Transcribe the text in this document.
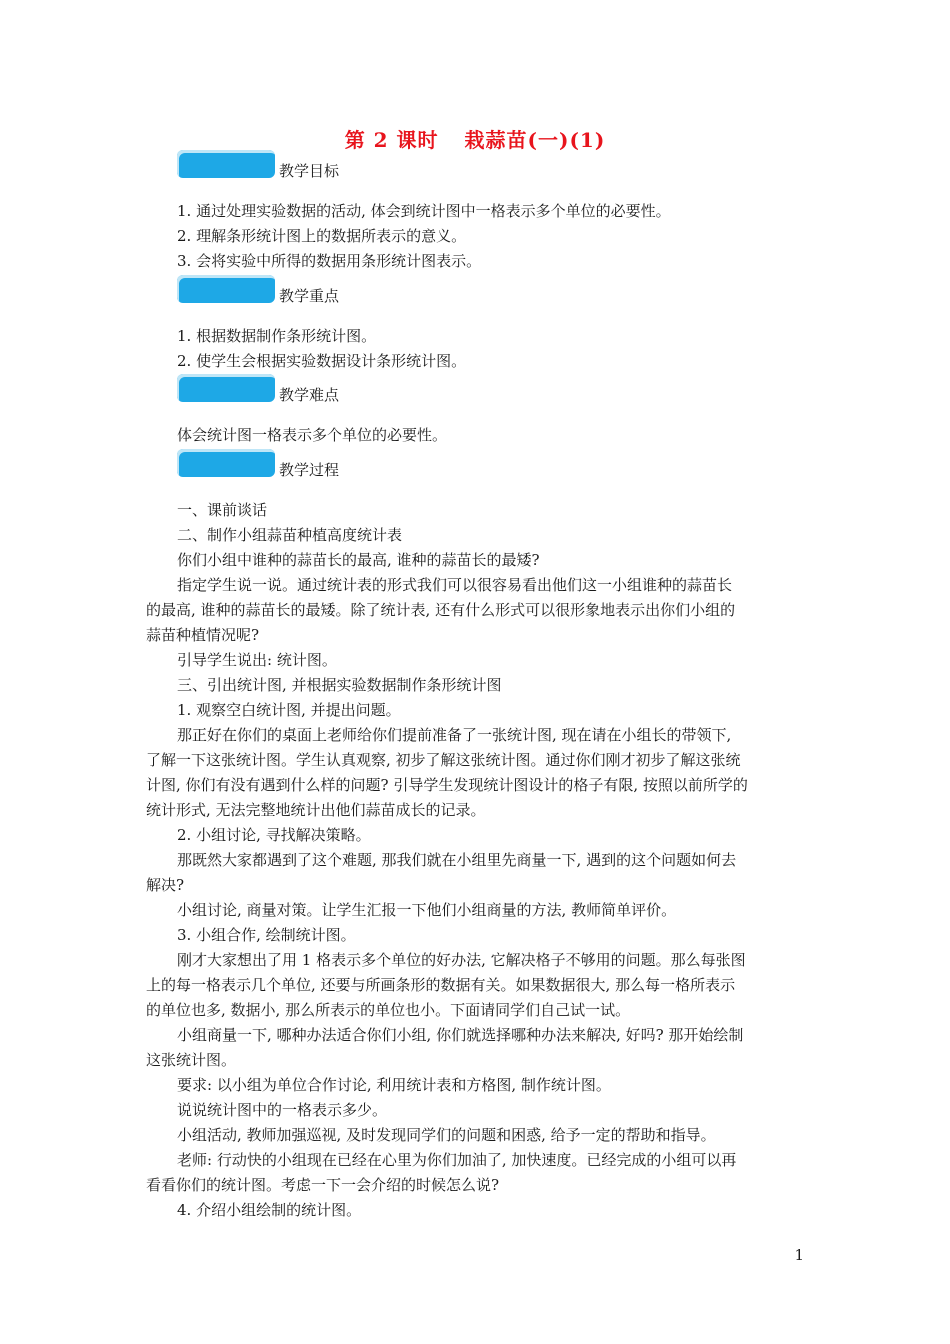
第 2 课时 栽蒜苗(一)(1)
教学目标
1. 通过处理实验数据的活动, 体会到统计图中一格表示多个单位的必要性。
2. 理解条形统计图上的数据所表示的意义。
3. 会将实验中所得的数据用条形统计图表示。
教学重点
1. 根据数据制作条形统计图。
2. 使学生会根据实验数据设计条形统计图。
教学难点
体会统计图一格表示多个单位的必要性。
教学过程
一、课前谈话
二、制作小组蒜苗种植高度统计表
你们小组中谁种的蒜苗长的最高, 谁种的蒜苗长的最矮?
指定学生说一说。通过统计表的形式我们可以很容易看出他们这一小组谁种的蒜苗长
的最高, 谁种的蒜苗长的最矮。除了统计表, 还有什么形式可以很形象地表示出你们小组的
蒜苗种植情况呢?
引导学生说出: 统计图。
三、引出统计图, 并根据实验数据制作条形统计图
1. 观察空白统计图, 并提出问题。
那正好在你们的桌面上老师给你们提前准备了一张统计图, 现在请在小组长的带领下,
了解一下这张统计图。学生认真观察, 初步了解这张统计图。通过你们刚才初步了解这张统
计图, 你们有没有遇到什么样的问题? 引导学生发现统计图设计的格子有限, 按照以前所学的
统计形式, 无法完整地统计出他们蒜苗成长的记录。
2. 小组讨论, 寻找解决策略。
那既然大家都遇到了这个难题, 那我们就在小组里先商量一下, 遇到的这个问题如何去
解决?
小组讨论, 商量对策。让学生汇报一下他们小组商量的方法, 教师简单评价。
3. 小组合作, 绘制统计图。
刚才大家想出了用 1 格表示多个单位的好办法, 它解决格子不够用的问题。那么每张图
上的每一格表示几个单位, 还要与所画条形的数据有关。如果数据很大, 那么每一格所表示
的单位也多, 数据小, 那么所表示的单位也小。下面请同学们自己试一试。
小组商量一下, 哪种办法适合你们小组, 你们就选择哪种办法来解决, 好吗? 那开始绘制
这张统计图。
要求: 以小组为单位合作讨论, 利用统计表和方格图, 制作统计图。
说说统计图中的一格表示多少。
小组活动, 教师加强巡视, 及时发现同学们的问题和困惑, 给予一定的帮助和指导。
老师: 行动快的小组现在已经在心里为你们加油了, 加快速度。已经完成的小组可以再
看看你们的统计图。考虑一下一会介绍的时候怎么说?
4. 介绍小组绘制的统计图。
1
